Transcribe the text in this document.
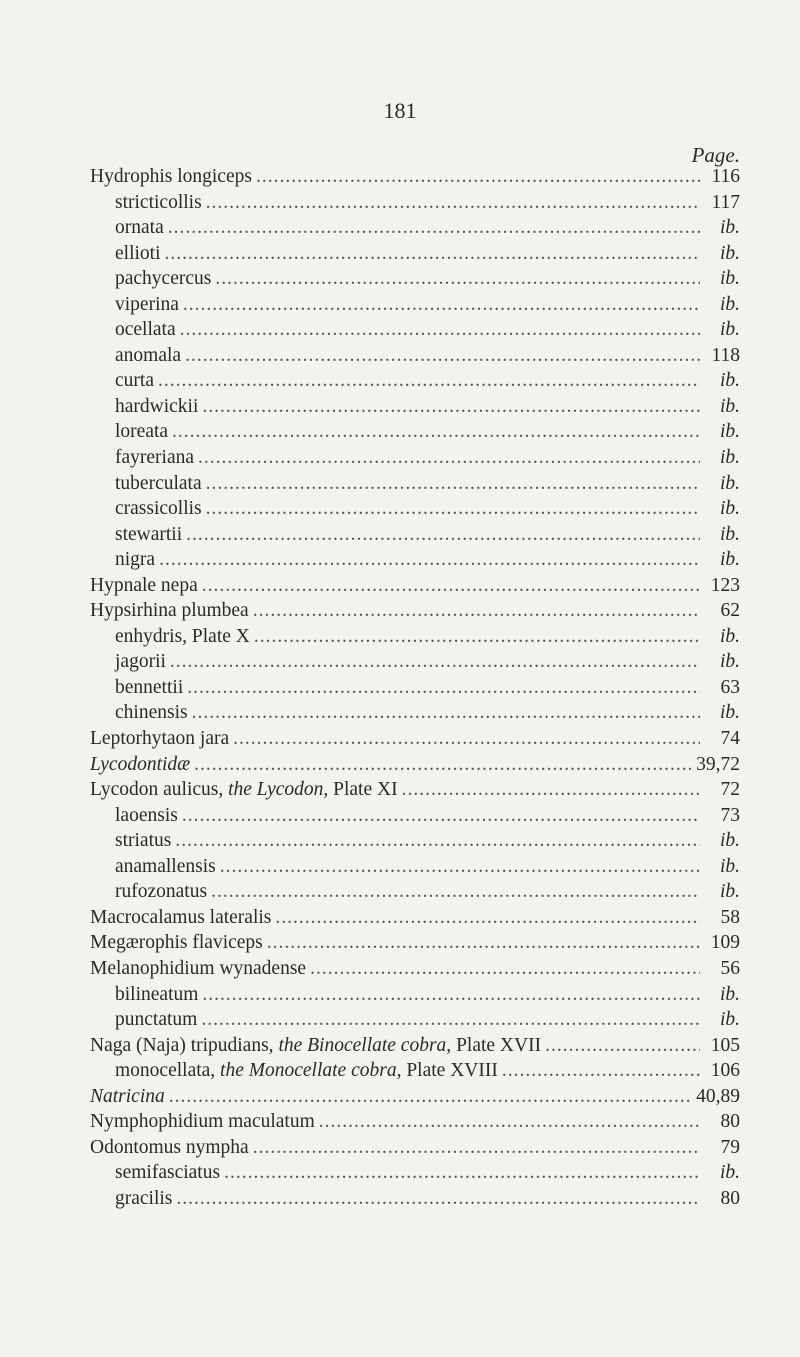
181
Page.
Hydrophis longiceps .....	116
stricticollis .....	117
ornata .....	ib.
ellioti .....	ib.
pachycercus .....	ib.
viperina .....	ib.
ocellata .....	ib.
anomala .....	118
curta .....	ib.
hardwickii .....	ib.
loreata .....	ib.
fayreriana .....	ib.
tuberculata .....	ib.
crassicollis .....	ib.
stewartii .....	ib.
nigra .....	ib.
Hypnale nepa .....	123
Hypsirhina plumbea .....	62
enhydris, Plate X .....	ib.
jagorii .....	ib.
bennettii .....	63
chinensis .....	ib.
Leptorhytaon jara .....	74
Lycodontidæ .....	39,72
Lycodon aulicus, the Lycodon, Plate XI .....	72
laoensis .....	73
striatus .....	ib.
anamallensis .....	ib.
rufozonatus .....	ib.
Macrocalamus lateralis .....	58
Megærophis flaviceps .....	109
Melanophidium wynadense .....	56
bilineatum .....	ib.
punctatum .....	ib.
Naga (Naja) tripudians, the Binocellate cobra, Plate XVII .....	105
monocellata, the Monocellate cobra, Plate XVIII .....	106
Natricina .....	40,89
Nymphophidium maculatum .....	80
Odontomus nympha .....	79
semifasciatus .....	ib.
gracilis .....	80
